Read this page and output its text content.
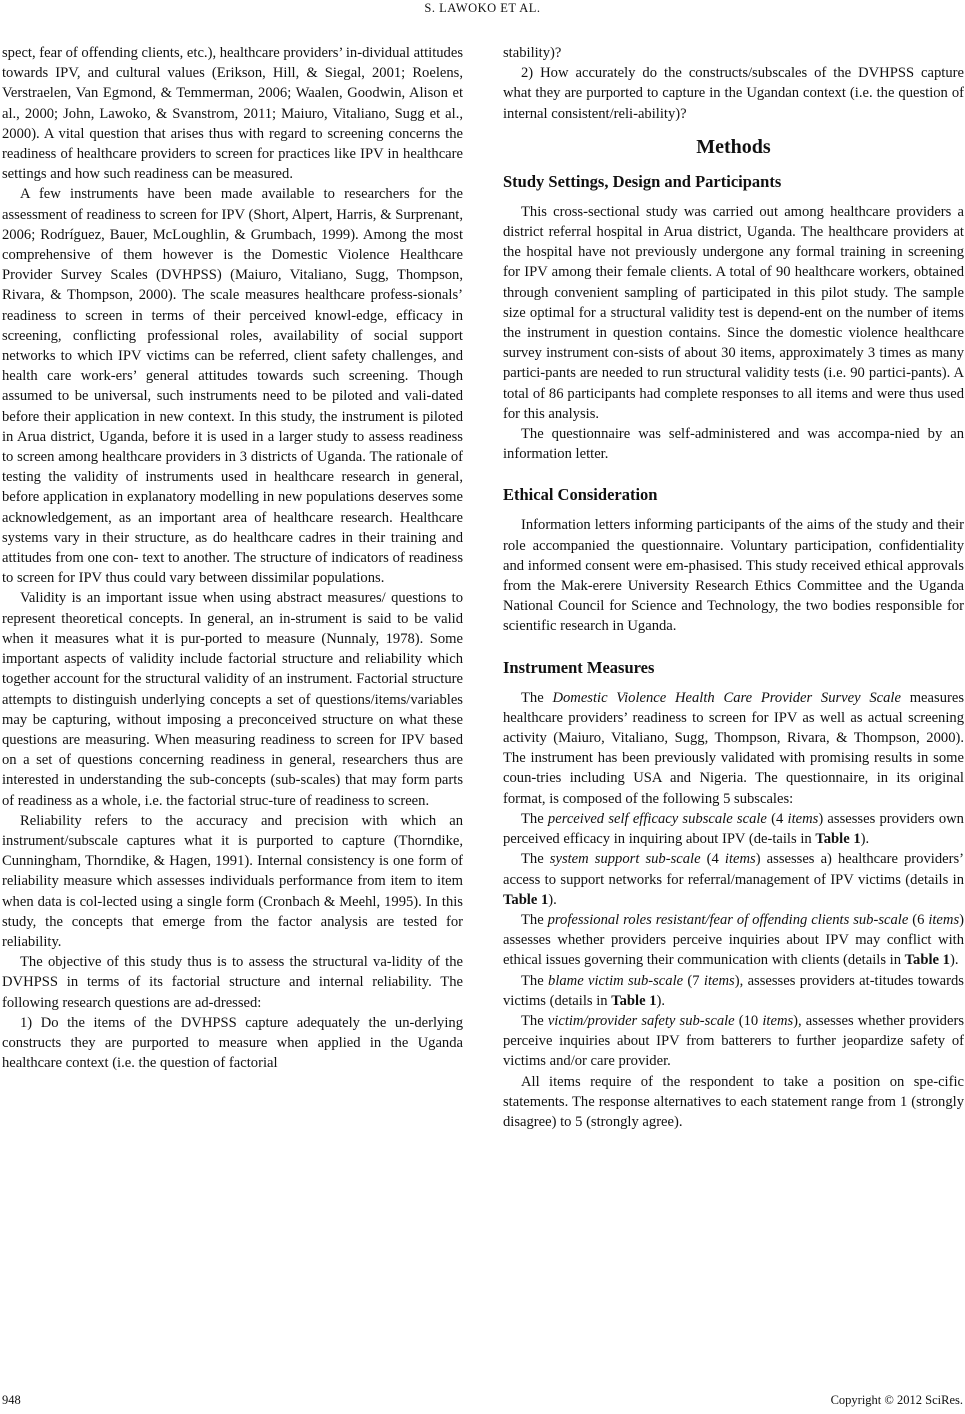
S. LAWOKO ET AL.

spect, fear of offending clients, etc.), healthcare providers’ in-dividual attitudes towards IPV, and cultural values (Erikson, Hill, & Siegal, 2001; Roelens, Verstraelen, Van Egmond, & Temmerman, 2006; Waalen, Goodwin, Alison et al., 2000; John, Lawoko, & Svanstrom, 2011; Maiuro, Vitaliano, Sugg et al., 2000). A vital question that arises thus with regard to screening concerns the readiness of healthcare providers to screen for practices like IPV in healthcare settings and how such readiness can be measured.

A few instruments have been made available to researchers for the assessment of readiness to screen for IPV (Short, Alpert, Harris, & Surprenant, 2006; Rodríguez, Bauer, McLoughlin, & Grumbach, 1999). Among the most comprehensive of them however is the Domestic Violence Healthcare Provider Survey Scales (DVHPSS) (Maiuro, Vitaliano, Sugg, Thompson, Rivara, & Thompson, 2000). The scale measures healthcare profess-sionals’ readiness to screen in terms of their perceived knowl-edge, efficacy in screening, conflicting professional roles, availability of social support networks to which IPV victims can be referred, client safety challenges, and health care work-ers’ general attitudes towards such screening. Though assumed to be universal, such instruments need to be piloted and vali-dated before their application in new context. In this study, the instrument is piloted in Arua district, Uganda, before it is used in a larger study to assess readiness to screen among healthcare providers in 3 districts of Uganda. The rationale of testing the validity of instruments used in healthcare research in general, before application in explanatory modelling in new populations deserves some acknowledgement, as an important area of healthcare research. Healthcare systems vary in their structure, as do healthcare cadres in their training and attitudes from one con- text to another. The structure of indicators of readiness to screen for IPV thus could vary between dissimilar populations.

Validity is an important issue when using abstract measures/ questions to represent theoretical concepts. In general, an in-strument is said to be valid when it measures what it is pur-ported to measure (Nunnaly, 1978). Some important aspects of validity include factorial structure and reliability which together account for the structural validity of an instrument. Factorial structure attempts to distinguish underlying concepts a set of questions/items/variables may be capturing, without imposing a preconceived structure on what these questions are measuring. When measuring readiness to screen for IPV based on a set of questions concerning readiness in general, researchers thus are interested in understanding the sub-concepts (sub-scales) that may form parts of readiness as a whole, i.e. the factorial struc-ture of readiness to screen.

Reliability refers to the accuracy and precision with which an instrument/subscale captures what it is purported to capture (Thorndike, Cunningham, Thorndike, & Hagen, 1991). Internal consistency is one form of reliability measure which assesses individuals performance from item to item when data is col-lected using a single form (Cronbach & Meehl, 1995). In this study, the concepts that emerge from the factor analysis are tested for reliability.

The objective of this study thus is to assess the structural va-lidity of the DVHPSS in terms of its factorial structure and internal reliability. The following research questions are ad-dressed:

1) Do the items of the DVHPSS capture adequately the un-derlying constructs they are purported to measure when applied in the Uganda healthcare context (i.e. the question of factorial

stability)?

2) How accurately do the constructs/subscales of the DVHPSS capture what they are purported to capture in the Ugandan context (i.e. the question of internal consistent/reli-ability)?

Methods
Study Settings, Design and Participants

This cross-sectional study was carried out among healthcare providers a district referral hospital in Arua district, Uganda. The healthcare providers at the hospital have not previously undergone any formal training in screening for IPV among their female clients. A total of 90 healthcare workers, obtained through convenient sampling of participated in this pilot study. The sample size optimal for a structural validity test is depend-ent on the number of items the instrument in question contains. Since the domestic violence healthcare survey instrument con-sists of about 30 items, approximately 3 times as many partici-pants are needed to run structural validity tests (i.e. 90 partici-pants). A total of 86 participants had complete responses to all items and were thus used for this analysis.

The questionnaire was self-administered and was accompa-nied by an information letter.

Ethical Consideration

Information letters informing participants of the aims of the study and their role accompanied the questionnaire. Voluntary participation, confidentiality and informed consent were em-phasised. This study received ethical approvals from the Mak-erere University Research Ethics Committee and the Uganda National Council for Science and Technology, the two bodies responsible for scientific research in Uganda.

Instrument Measures

The Domestic Violence Health Care Provider Survey Scale measures healthcare providers’ readiness to screen for IPV as well as actual screening activity (Maiuro, Vitaliano, Sugg, Thompson, Rivara, & Thompson, 2000). The instrument has been previously validated with promising results in some coun-tries including USA and Nigeria. The questionnaire, in its original format, is composed of the following 5 subscales:

The perceived self efficacy subscale scale (4 items) assesses providers own perceived efficacy in inquiring about IPV (de-tails in Table 1).

The system support sub-scale (4 items) assesses a) healthcare providers’ access to support networks for referral/management of IPV victims (details in Table 1).

The professional roles resistant/fear of offending clients sub-scale (6 items) assesses whether providers perceive inquiries about IPV may conflict with ethical issues governing their communication with clients (details in Table 1).

The blame victim sub-scale (7 items), assesses providers at-titudes towards victims (details in Table 1).

The victim/provider safety sub-scale (10 items), assesses whether providers perceive inquiries about IPV from batterers to further jeopardize safety of victims and/or care provider.

All items require of the respondent to take a position on spe-cific statements. The response alternatives to each statement range from 1 (strongly disagree) to 5 (strongly agree).

948	Copyright © 2012 SciRes.
